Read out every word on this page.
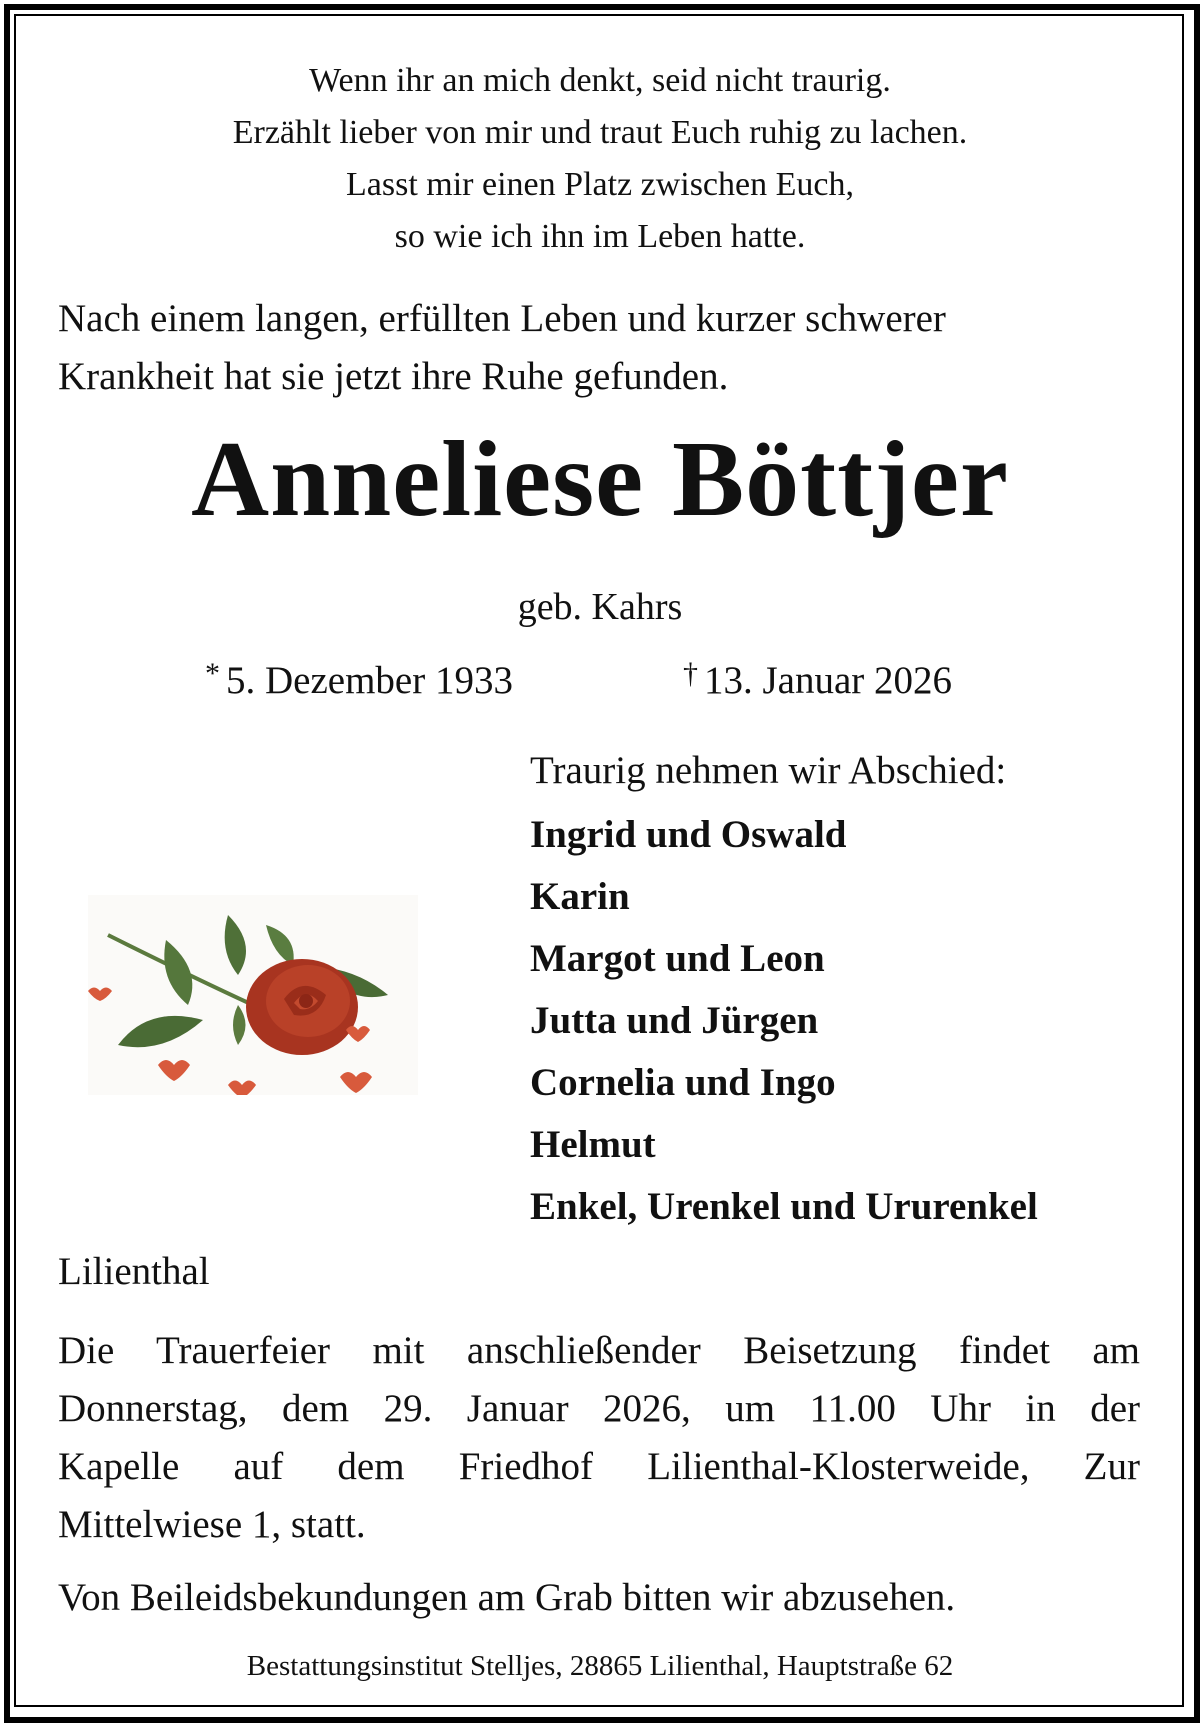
Wenn ihr an mich denkt, seid nicht traurig.
Erzählt lieber von mir und traut Euch ruhig zu lachen.
Lasst mir einen Platz zwischen Euch,
so wie ich ihn im Leben hatte.
Nach einem langen, erfüllten Leben und kurzer schwerer
Krankheit hat sie jetzt ihre Ruhe gefunden.
Anneliese Böttjer
geb. Kahrs
* 5. Dezember 1933	† 13. Januar 2026
Traurig nehmen wir Abschied:
Ingrid und Oswald
Karin
Margot und Leon
Jutta und Jürgen
Cornelia und Ingo
Helmut
Enkel, Urenkel und Ururenkel
Lilienthal
Die Trauerfeier mit anschließender Beisetzung findet am
Donnerstag, dem 29. Januar 2026, um 11.00 Uhr in der
Kapelle auf dem Friedhof Lilienthal-Klosterweide, Zur
Mittelwiese 1, statt.
Von Beileidsbekundungen am Grab bitten wir abzusehen.
Bestattungsinstitut Stelljes, 28865 Lilienthal, Hauptstraße 62
